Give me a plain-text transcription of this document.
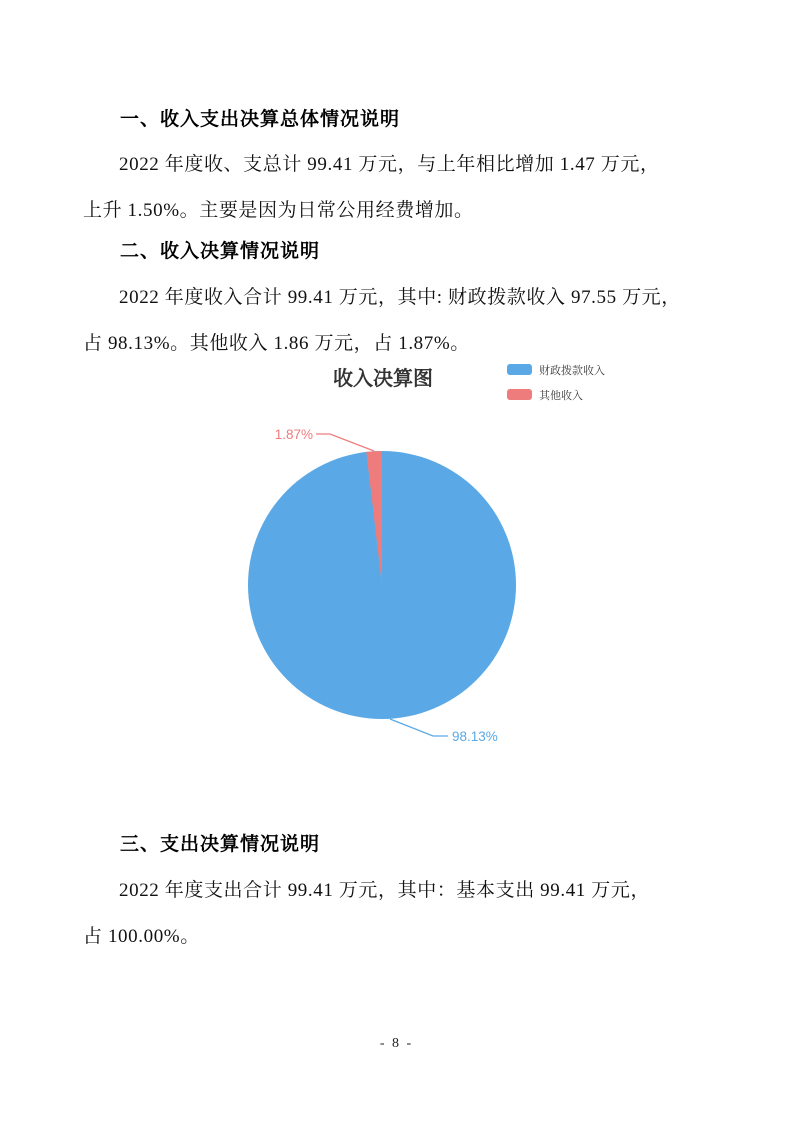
一、收入支出决算总体情况说明
2022 年度收、支总计 99.41 万元，与上年相比增加 1.47 万元，
上升 1.50%。主要是因为日常公用经费增加。
二、收入决算情况说明
2022 年度收入合计 99.41 万元，其中: 财政拨款收入 97.55 万元，
占 98.13%。其他收入 1.86 万元，占 1.87%。
收入决算图	财政拨款收入
其他收入
1.87%
98.13%
三、支出决算情况说明
2022 年度支出合计 99.41 万元，其中：基本支出 99.41 万元，
占 100.00%。
- 8 -
